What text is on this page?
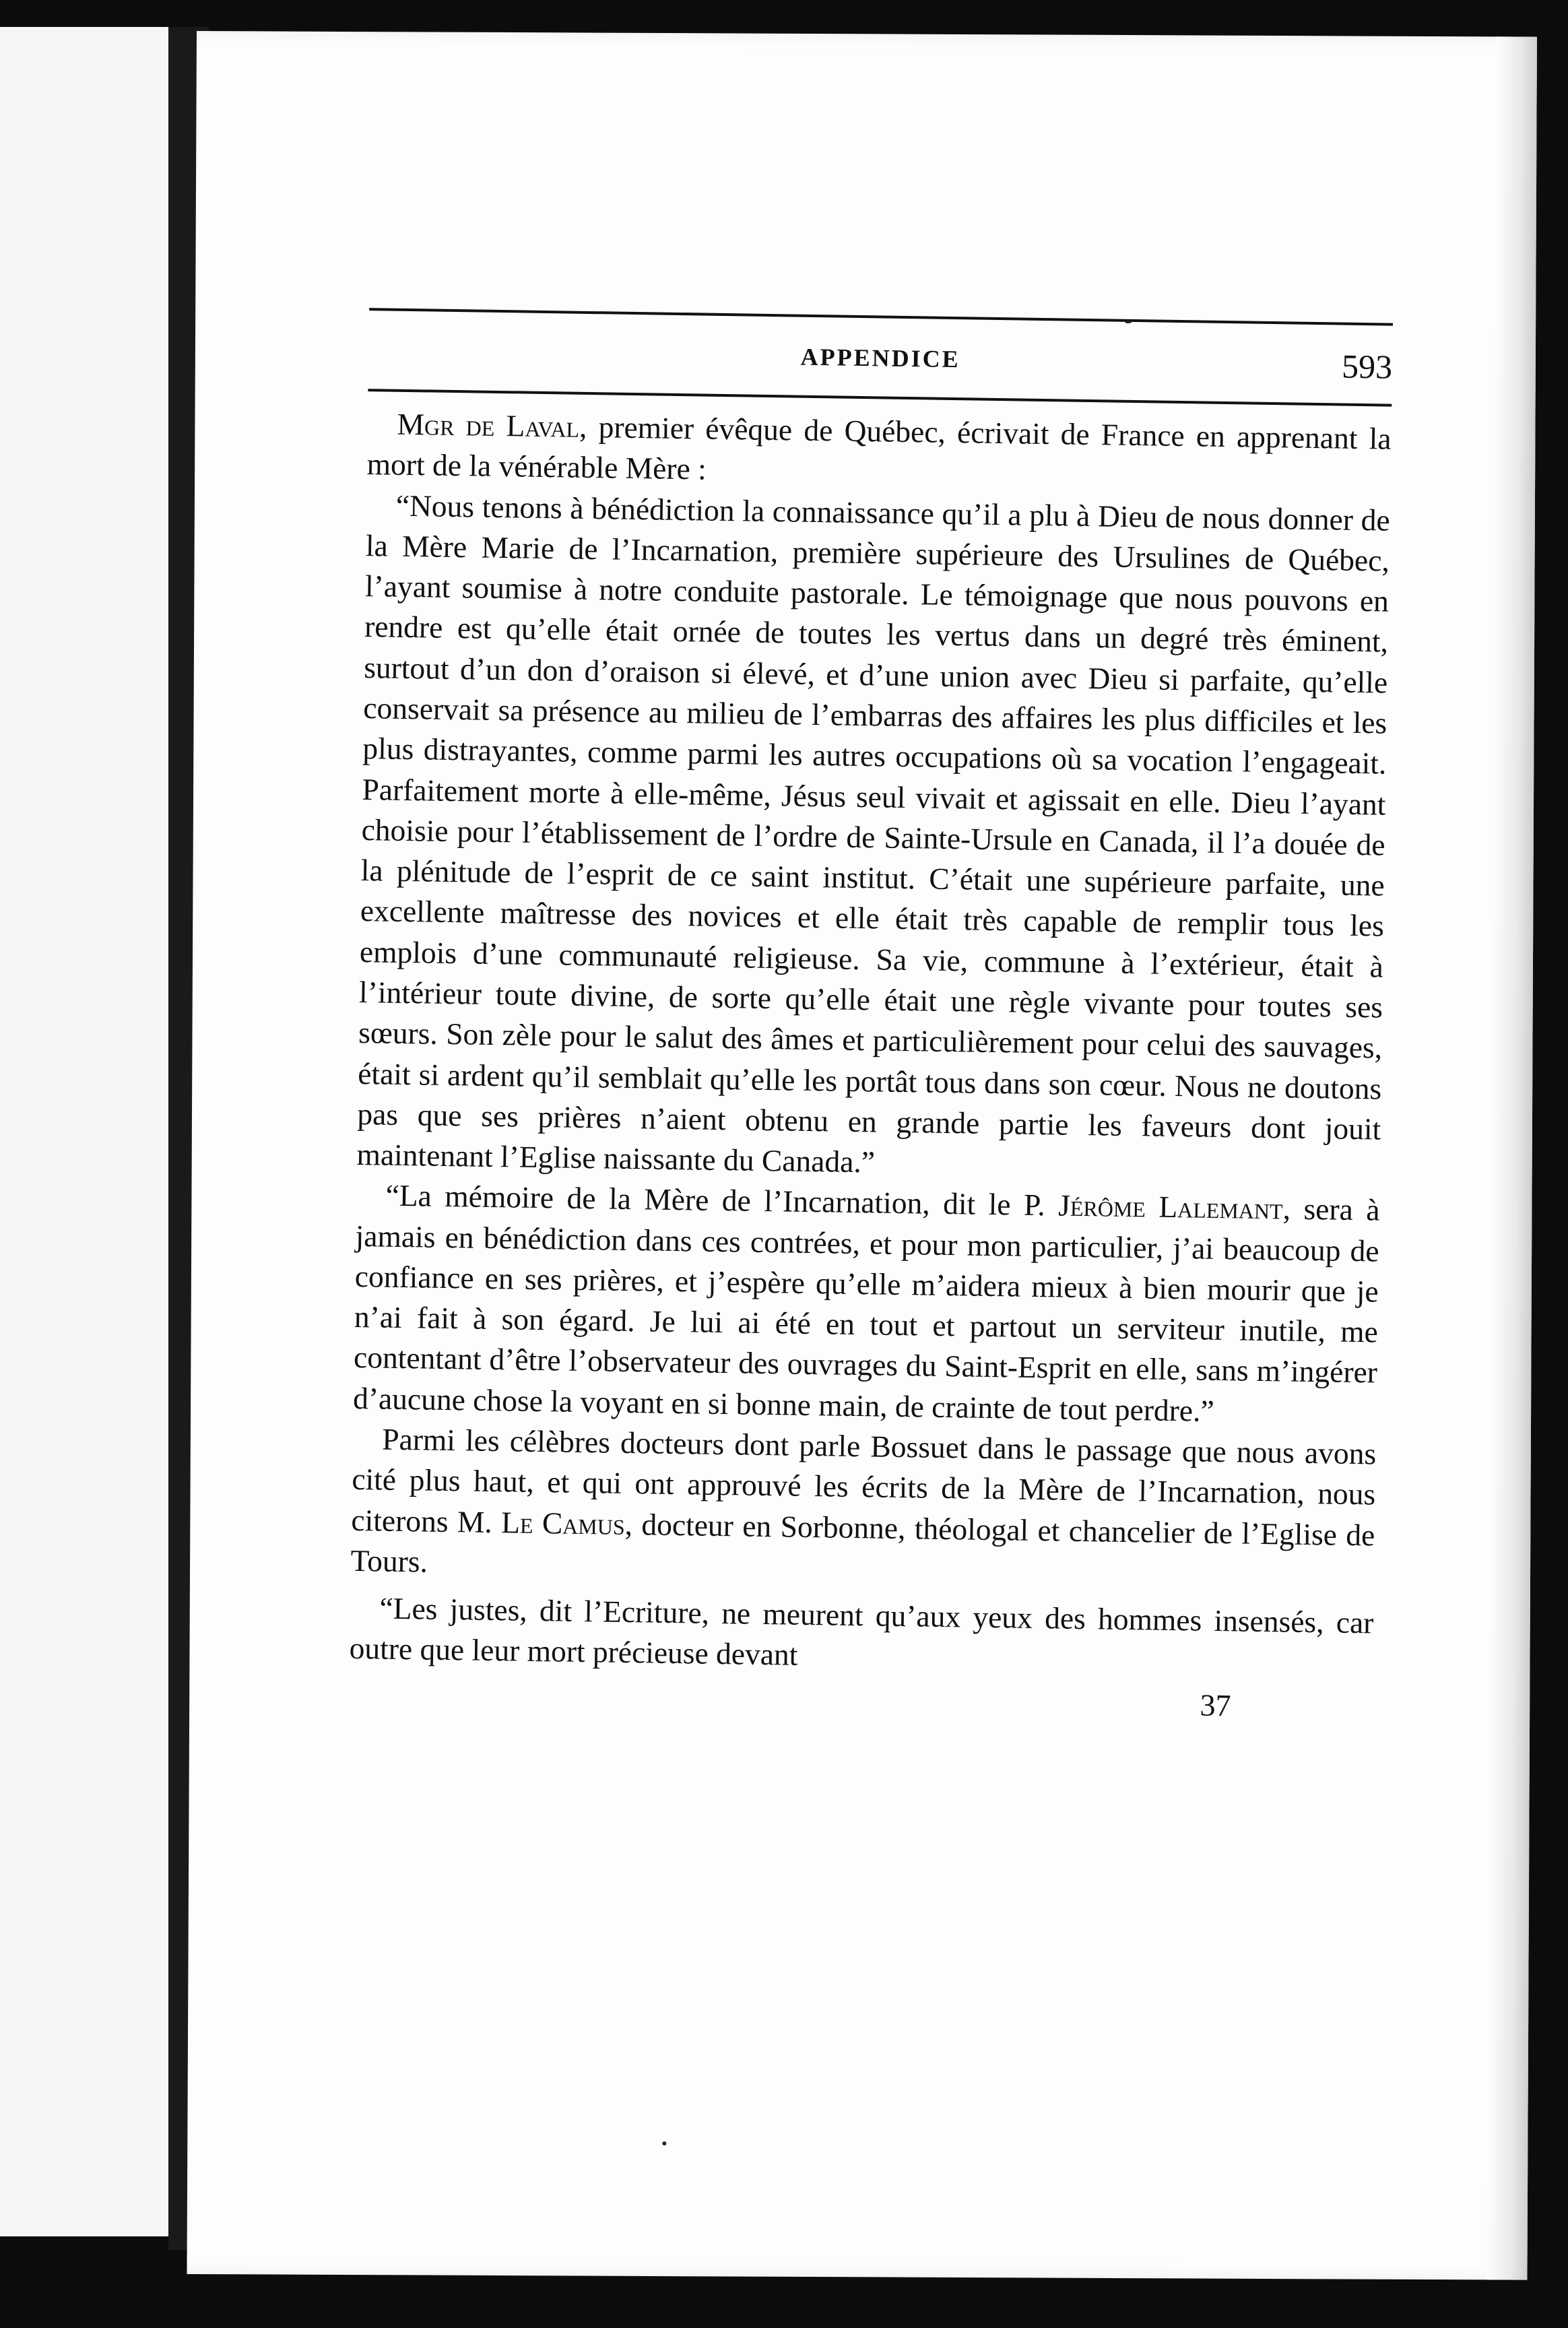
APPENDICE	593

Mgr de Laval, premier évêque de Québec, écrivait de France en apprenant la mort de la vénérable Mère :

“Nous tenons à bénédiction la connaissance qu’il a plu à Dieu de nous donner de la Mère Marie de l’Incarnation, première supérieure des Ursulines de Québec, l’ayant soumise à notre conduite pastorale. Le témoignage que nous pouvons en rendre est qu’elle était ornée de toutes les vertus dans un degré très éminent, surtout d’un don d’oraison si élevé, et d’une union avec Dieu si parfaite, qu’elle conservait sa présence au milieu de l’embarras des affaires les plus difficiles et les plus distrayantes, comme parmi les autres occupations où sa vocation l’engageait. Parfaitement morte à elle-même, Jésus seul vivait et agissait en elle. Dieu l’ayant choisie pour l’établissement de l’ordre de Sainte-Ursule en Canada, il l’a douée de la plénitude de l’esprit de ce saint institut. C’était une supérieure parfaite, une excellente maîtresse des novices et elle était très capable de remplir tous les emplois d’une communauté religieuse. Sa vie, commune à l’extérieur, était à l’intérieur toute divine, de sorte qu’elle était une règle vivante pour toutes ses sœurs. Son zèle pour le salut des âmes et particulièrement pour celui des sauvages, était si ardent qu’il semblait qu’elle les portât tous dans son cœur. Nous ne doutons pas que ses prières n’aient obtenu en grande partie les faveurs dont jouit maintenant l’Eglise naissante du Canada.”

“La mémoire de la Mère de l’Incarnation, dit le P. Jérôme Lalemant, sera à jamais en bénédiction dans ces contrées, et pour mon particulier, j’ai beaucoup de confiance en ses prières, et j’espère qu’elle m’aidera mieux à bien mourir que je n’ai fait à son égard. Je lui ai été en tout et partout un serviteur inutile, me contentant d’être l’observateur des ouvrages du Saint-Esprit en elle, sans m’ingérer d’aucune chose la voyant en si bonne main, de crainte de tout perdre.”

Parmi les célèbres docteurs dont parle Bossuet dans le passage que nous avons cité plus haut, et qui ont approuvé les écrits de la Mère de l’Incarnation, nous citerons M. Le Camus, docteur en Sorbonne, théologal et chancelier de l’Eglise de Tours.

“Les justes, dit l’Ecriture, ne meurent qu’aux yeux des hommes insensés, car outre que leur mort précieuse devant

37
